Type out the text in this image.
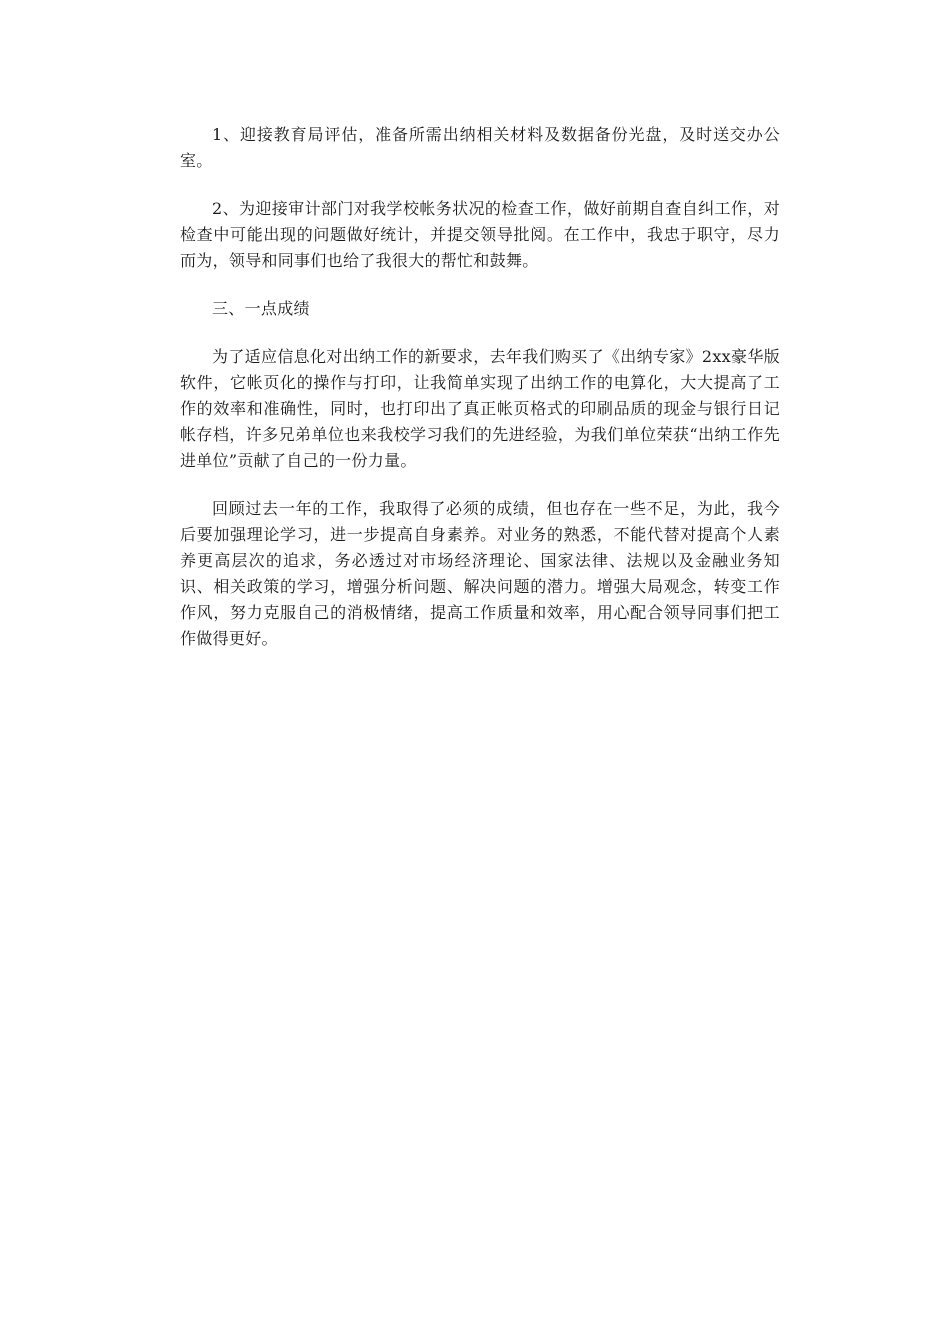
1、迎接教育局评估，准备所需出纳相关材料及数据备份光盘，及时送交办公室。

2、为迎接审计部门对我学校帐务状况的检查工作，做好前期自查自纠工作，对检查中可能出现的问题做好统计，并提交领导批阅。在工作中，我忠于职守，尽力而为，领导和同事们也给了我很大的帮忙和鼓舞。

三、一点成绩

为了适应信息化对出纳工作的新要求，去年我们购买了《出纳专家》2xx豪华版软件，它帐页化的操作与打印，让我简单实现了出纳工作的电算化，大大提高了工作的效率和准确性，同时，也打印出了真正帐页格式的印刷品质的现金与银行日记帐存档，许多兄弟单位也来我校学习我们的先进经验，为我们单位荣获“出纳工作先进单位”贡献了自己的一份力量。

回顾过去一年的工作，我取得了必须的成绩，但也存在一些不足，为此，我今后要加强理论学习，进一步提高自身素养。对业务的熟悉，不能代替对提高个人素养更高层次的追求，务必透过对市场经济理论、国家法律、法规以及金融业务知识、相关政策的学习，增强分析问题、解决问题的潜力。增强大局观念，转变工作作风，努力克服自己的消极情绪，提高工作质量和效率，用心配合领导同事们把工作做得更好。
